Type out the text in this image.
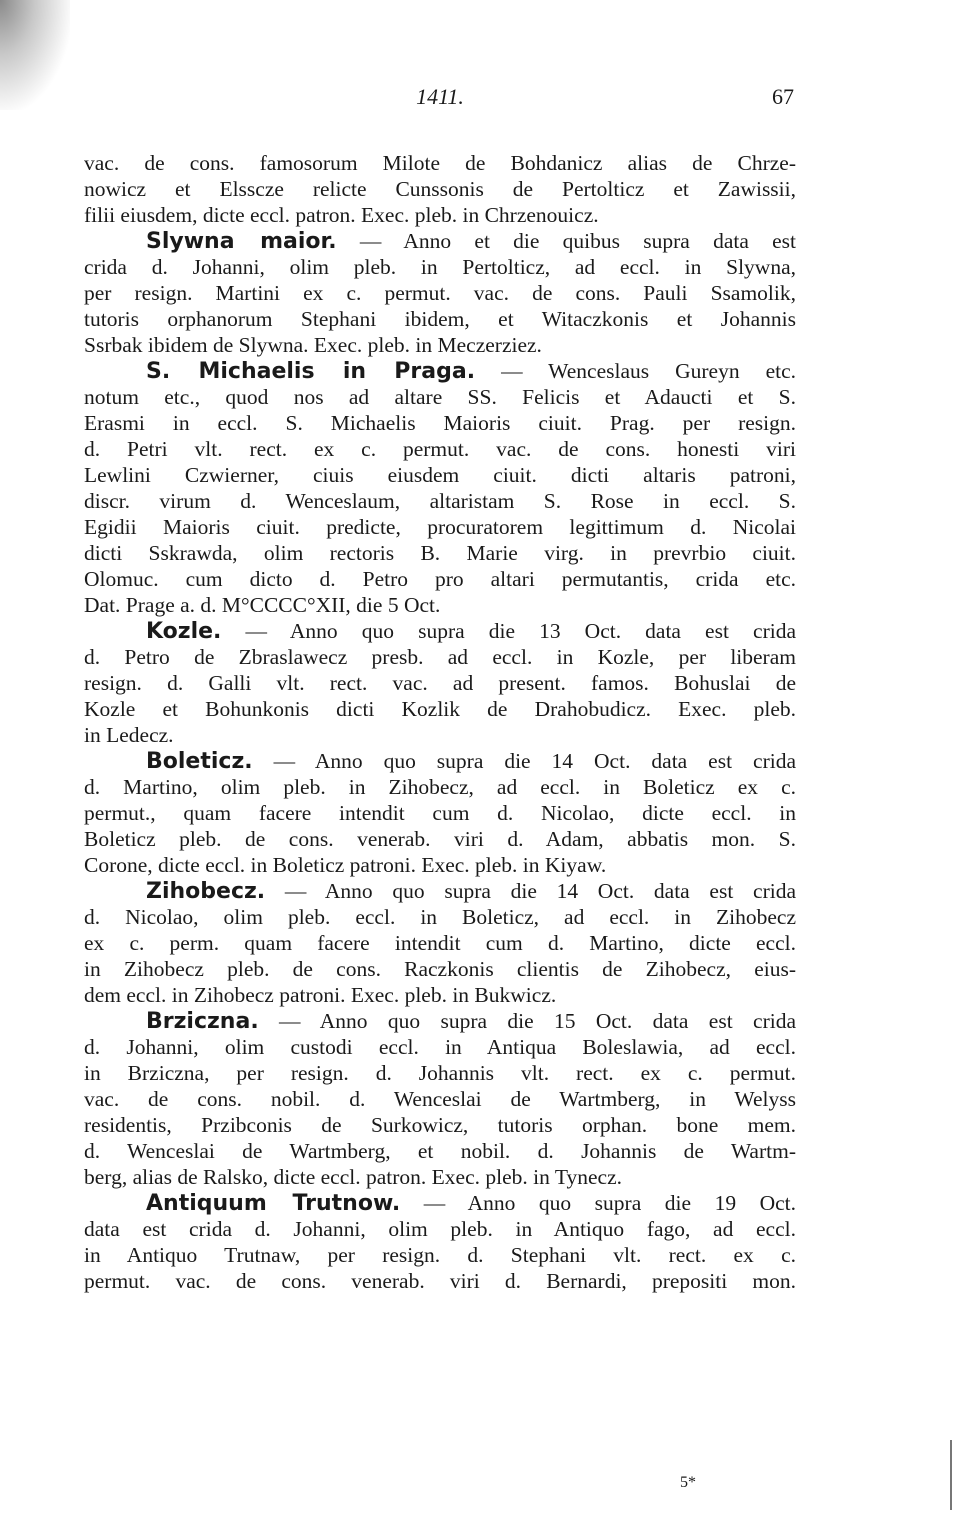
1411.	67
vac. de cons. famosorum Milote de Bohdanicz alias de Chrze-
nowicz et Elsscze relicte Cunssonis de Pertolticz et Zawissii,
filii eiusdem, dicte eccl. patron. Exec. pleb. in Chrzenouicz.
Slywna maior. — Anno et die quibus supra data est
crida d. Johanni, olim pleb. in Pertolticz, ad eccl. in Slywna,
per resign. Martini ex c. permut. vac. de cons. Pauli Ssamolik,
tutoris orphanorum Stephani ibidem, et Witaczkonis et Johannis
Ssrbak ibidem de Slywna. Exec. pleb. in Meczerziez.
S. Michaelis in Praga. — Wenceslaus Gureyn etc.
notum etc., quod nos ad altare SS. Felicis et Adaucti et S.
Erasmi in eccl. S. Michaelis Maioris ciuit. Prag. per resign.
d. Petri vlt. rect. ex c. permut. vac. de cons. honesti viri
Lewlini Czwierner, ciuis eiusdem ciuit. dicti altaris patroni,
discr. virum d. Wenceslaum, altaristam S. Rose in eccl. S.
Egidii Maioris ciuit. predicte, procuratorem legittimum d. Nicolai
dicti Sskrawda, olim rectoris B. Marie virg. in prevrbio ciuit.
Olomuc. cum dicto d. Petro pro altari permutantis, crida etc.
Dat. Prage a. d. M°CCCC°XII, die 5 Oct.
Kozle. — Anno quo supra die 13 Oct. data est crida
d. Petro de Zbraslawecz presb. ad eccl. in Kozle, per liberam
resign. d. Galli vlt. rect. vac. ad present. famos. Bohuslai de
Kozle et Bohunkonis dicti Kozlik de Drahobudicz. Exec. pleb.
in Ledecz.
Boleticz. — Anno quo supra die 14 Oct. data est crida
d. Martino, olim pleb. in Zihobecz, ad eccl. in Boleticz ex c.
permut., quam facere intendit cum d. Nicolao, dicte eccl. in
Boleticz pleb. de cons. venerab. viri d. Adam, abbatis mon. S.
Corone, dicte eccl. in Boleticz patroni. Exec. pleb. in Kiyaw.
Zihobecz. — Anno quo supra die 14 Oct. data est crida
d. Nicolao, olim pleb. eccl. in Boleticz, ad eccl. in Zihobecz
ex c. perm. quam facere intendit cum d. Martino, dicte eccl.
in Zihobecz pleb. de cons. Raczkonis clientis de Zihobecz, eius-
dem eccl. in Zihobecz patroni. Exec. pleb. in Bukwicz.
Brziczna. — Anno quo supra die 15 Oct. data est crida
d. Johanni, olim custodi eccl. in Antiqua Boleslawia, ad eccl.
in Brziczna, per resign. d. Johannis vlt. rect. ex c. permut.
vac. de cons. nobil. d. Wenceslai de Wartmberg, in Welyss
residentis, Przibconis de Surkowicz, tutoris orphan. bone mem.
d. Wenceslai de Wartmberg, et nobil. d. Johannis de Wartm-
berg, alias de Ralsko, dicte eccl. patron. Exec. pleb. in Tynecz.
Antiquum Trutnow. — Anno quo supra die 19 Oct.
data est crida d. Johanni, olim pleb. in Antiquo fago, ad eccl.
in Antiquo Trutnaw, per resign. d. Stephani vlt. rect. ex c.
permut. vac. de cons. venerab. viri d. Bernardi, prepositi mon.
5*
